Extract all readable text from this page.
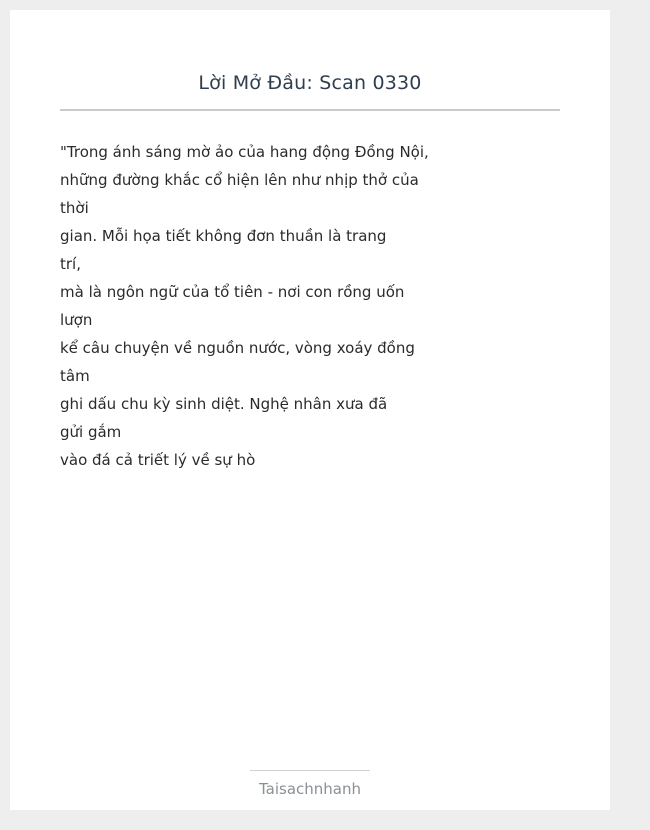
Lời Mở Đầu: Scan 0330
"Trong ánh sáng mờ ảo của hang động Đồng Nội,
những đường khắc cổ hiện lên như nhịp thở của
thời
gian. Mỗi họa tiết không đơn thuần là trang
trí,
mà là ngôn ngữ của tổ tiên - nơi con rồng uốn
lượn
kể câu chuyện về nguồn nước, vòng xoáy đồng
tâm
ghi dấu chu kỳ sinh diệt. Nghệ nhân xưa đã
gửi gắm
vào đá cả triết lý về sự hò
Taisachnhanh
